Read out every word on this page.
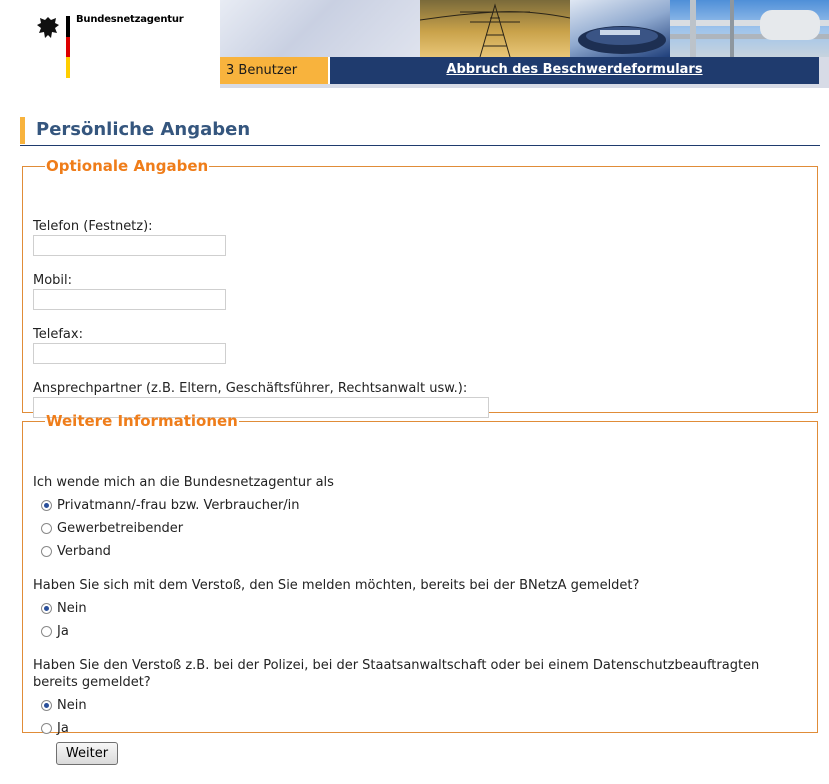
Bundesnetzagentur
3 Benutzer	Abbruch des Beschwerdeformulars
Persönliche Angaben
Optionale Angaben
Telefon (Festnetz):
Mobil:
Telefax:
Ansprechpartner (z.B. Eltern, Geschäftsführer, Rechtsanwalt usw.):
Weitere Informationen
Ich wende mich an die Bundesnetzagentur als
Privatmann/-frau bzw. Verbraucher/in
Gewerbetreibender
Verband
Haben Sie sich mit dem Verstoß, den Sie melden möchten, bereits bei der BNetzA gemeldet?
Nein
Ja
Haben Sie den Verstoß z.B. bei der Polizei, bei der Staatsanwaltschaft oder bei einem Datenschutzbeauftragten
bereits gemeldet?
Nein
Ja
Weiter
